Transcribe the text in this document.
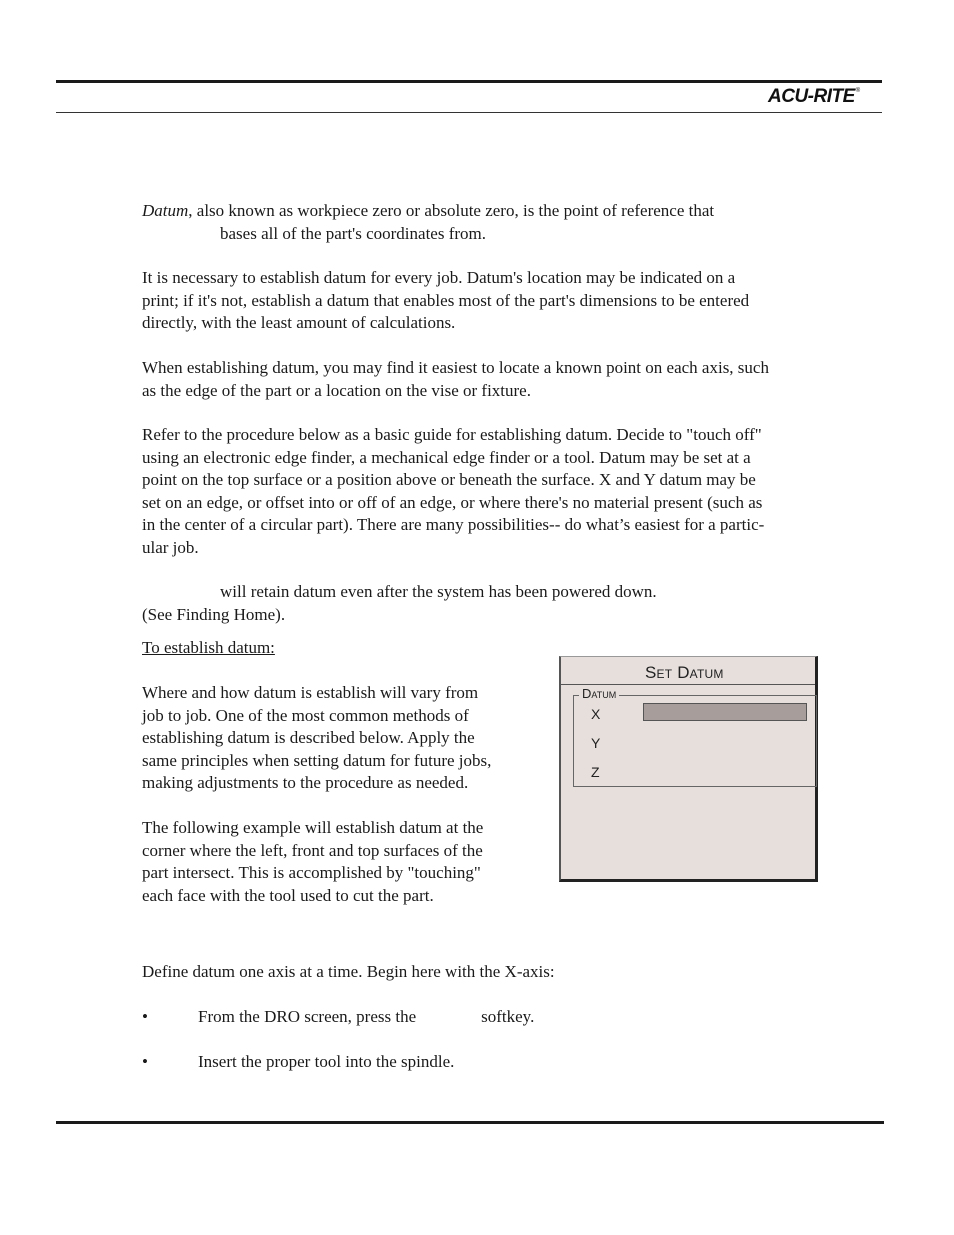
ACU-RITE®

Datum, also known as workpiece zero or absolute zero, is the point of reference that
bases all of the part's coordinates from.

It is necessary to establish datum for every job. Datum's location may be indicated on a
print; if it's not, establish a datum that enables most of the part's dimensions to be entered
directly, with the least amount of calculations.

When establishing datum, you may find it easiest to locate a known point on each axis, such
as the edge of the part or a location on the vise or fixture.

Refer to the procedure below as a basic guide for establishing datum. Decide to "touch off"
using an electronic edge finder, a mechanical edge finder or a tool. Datum may be set at a
point on the top surface or a position above or beneath the surface. X and Y datum may be
set on an edge, or offset into or off of an edge, or where there's no material present (such as
in the center of a circular part). There are many possibilities-- do what’s easiest for a partic-
ular job.

will retain datum even after the system has been powered down.
(See Finding Home).

To establish datum:

Where and how datum is establish will vary from
job to job. One of the most common methods of
establishing datum is described below. Apply the
same principles when setting datum for future jobs,
making adjustments to the procedure as needed.

The following example will establish datum at the
corner where the left, front and top surfaces of the
part intersect. This is accomplished by "touching"
each face with the tool used to cut the part.

Define datum one axis at a time. Begin here with the X-axis:

•	From the DRO screen, press the	softkey.
•	Insert the proper tool into the spindle.
Set Datum
Datum
X
Y
Z
